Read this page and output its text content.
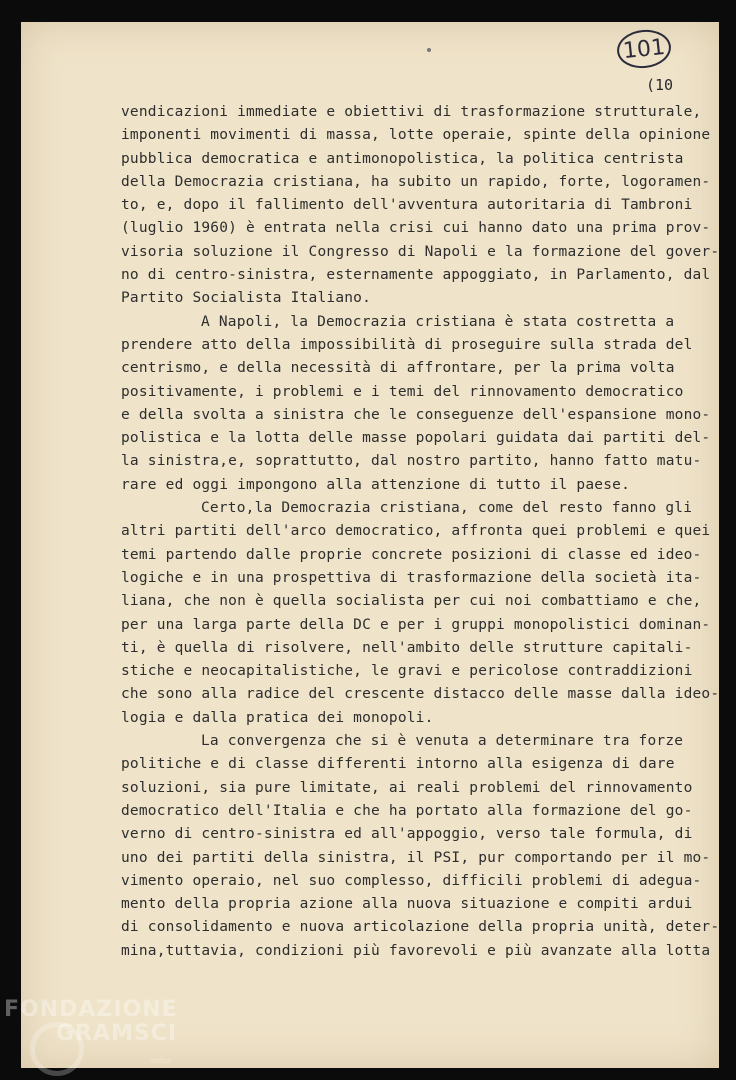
101
(10
vendicazioni immediate e obiettivi di trasformazione strutturale,
imponenti movimenti di massa, lotte operaie, spinte della opinione
pubblica democratica e antimonopolistica, la politica centrista
della Democrazia cristiana, ha subito un rapido, forte, logoramen-
to, e, dopo il fallimento dell'avventura autoritaria di Tambroni
(luglio 1960) è entrata nella crisi cui hanno dato una prima prov-
visoria soluzione il Congresso di Napoli e la formazione del gover-
no di centro-sinistra, esternamente appoggiato, in Parlamento, dal
Partito Socialista Italiano.
A Napoli, la Democrazia cristiana è stata costretta a
prendere atto della impossibilità di proseguire sulla strada del
centrismo, e della necessità di affrontare, per la prima volta
positivamente, i problemi e i temi del rinnovamento democratico
e della svolta a sinistra che le conseguenze dell'espansione mono-
polistica e la lotta delle masse popolari guidata dai partiti del-
la sinistra,e, soprattutto, dal nostro partito, hanno fatto matu-
rare ed oggi impongono alla attenzione di tutto il paese.
Certo,la Democrazia cristiana, come del resto fanno gli
altri partiti dell'arco democratico, affronta quei problemi e quei
temi partendo dalle proprie concrete posizioni di classe ed ideo-
logiche e in una prospettiva di trasformazione della società ita-
liana, che non è quella socialista per cui noi combattiamo e che,
per una larga parte della DC e per i gruppi monopolistici dominan-
ti, è quella di risolvere, nell'ambito delle strutture capitali-
stiche e neocapitalistiche, le gravi e pericolose contraddizioni
che sono alla radice del crescente distacco delle masse dalla ideo-
logia e dalla pratica dei monopoli.
La convergenza che si è venuta a determinare tra forze
politiche e di classe differenti intorno alla esigenza di dare
soluzioni, sia pure limitate, ai reali problemi del rinnovamento
democratico dell'Italia e che ha portato alla formazione del go-
verno di centro-sinistra ed all'appoggio, verso tale formula, di
uno dei partiti della sinistra, il PSI, pur comportando per il mo-
vimento operaio, nel suo complesso, difficili problemi di adegua-
mento della propria azione alla nuova situazione e compiti ardui
di consolidamento e nuova articolazione della propria unità, deter-
mina,tuttavia, condizioni più favorevoli e più avanzate alla lotta
FONDAZIONE
GRAMSCI
onlus
